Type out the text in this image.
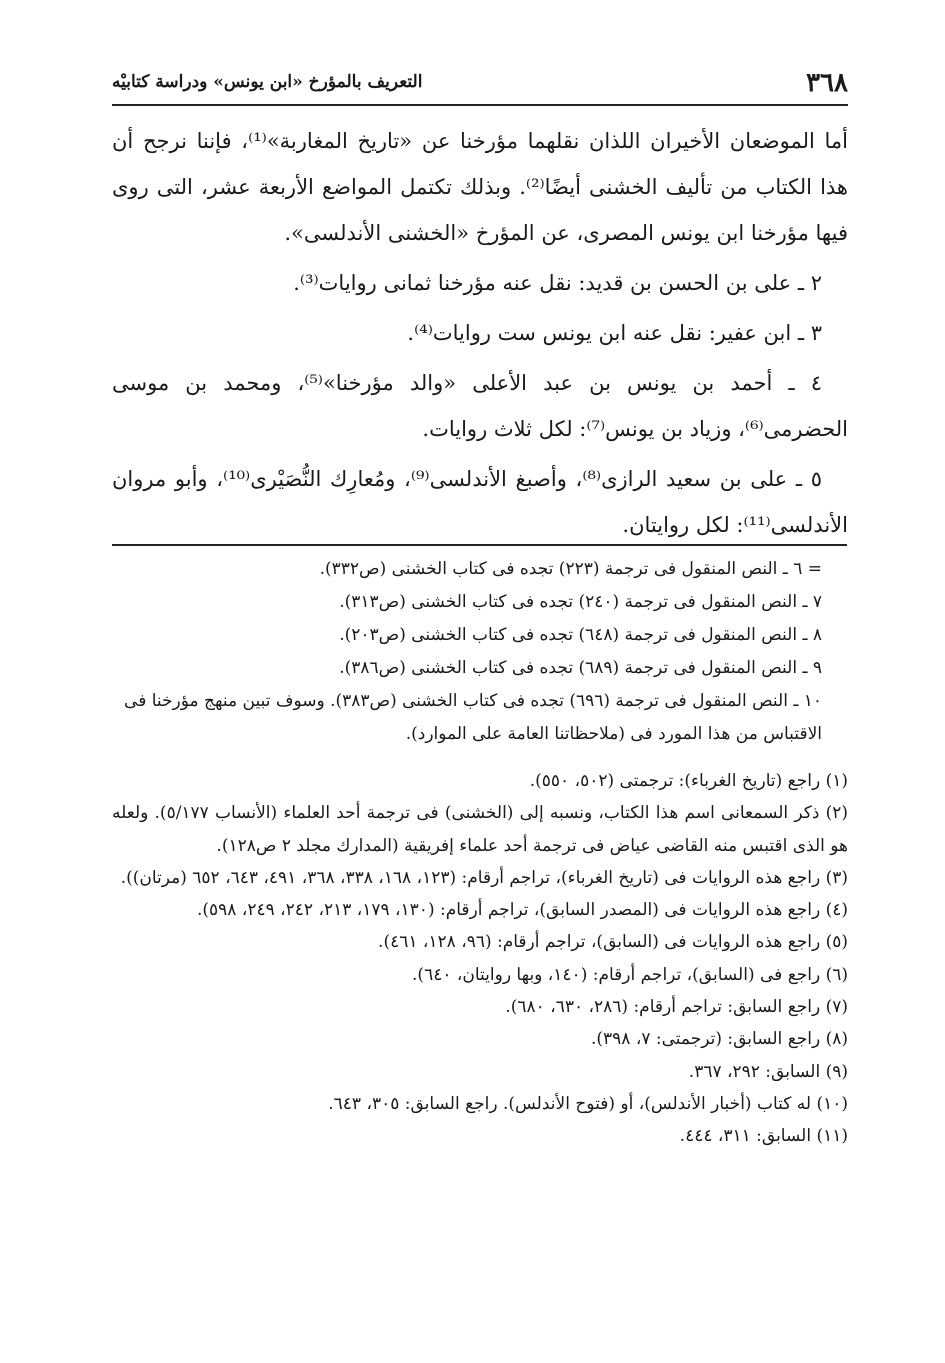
٣٦٨
التعريف بالمؤرخ «ابن يونس» ودراسة كتابيْه

أما الموضعان الأخيران اللذان نقلهما مؤرخنا عن «تاريخ المغاربة»⁽¹⁾، فإننا نرجح أن هذا الكتاب من تأليف الخشنى أيضًا⁽²⁾. وبذلك تكتمل المواضع الأربعة عشر، التى روى فيها مؤرخنا ابن يونس المصرى، عن المؤرخ «الخشنى الأندلسى».

٢ ـ على بن الحسن بن قديد: نقل عنه مؤرخنا ثمانى روايات⁽³⁾.

٣ ـ ابن عفير: نقل عنه ابن يونس ست روايات⁽⁴⁾.

٤ ـ أحمد بن يونس بن عبد الأعلى «والد مؤرخنا»⁽⁵⁾، ومحمد بن موسى الحضرمى⁽⁶⁾، وزياد بن يونس⁽⁷⁾: لكل ثلاث روايات.

٥ ـ على بن سعيد الرازى⁽⁸⁾، وأصبغ الأندلسى⁽⁹⁾، ومُعارِك النُّصَيْرى⁽¹⁰⁾، وأبو مروان الأندلسى⁽¹¹⁾: لكل روايتان.

= ٦ ـ النص المنقول فى ترجمة (٢٢٣) تجده فى كتاب الخشنى (ص٣٣٢).

٧ ـ النص المنقول فى ترجمة (٢٤٠) تجده فى كتاب الخشنى (ص٣١٣).

٨ ـ النص المنقول فى ترجمة (٦٤٨) تجده فى كتاب الخشنى (ص٢٠٣).

٩ ـ النص المنقول فى ترجمة (٦٨٩) تجده فى كتاب الخشنى (ص٣٨٦).

١٠ ـ النص المنقول فى ترجمة (٦٩٦) تجده فى كتاب الخشنى (ص٣٨٣). وسوف تبين منهج مؤرخنا فى الاقتباس من هذا المورد فى (ملاحظاتنا العامة على الموارد).

(١) راجع (تاريخ الغرباء): ترجمتى (٥٠٢، ٥٥٠).

(٢) ذكر السمعانى اسم هذا الكتاب، ونسبه إلى (الخشنى) فى ترجمة أحد العلماء (الأنساب ٥/١٧٧). ولعله هو الذى اقتبس منه القاضى عياض فى ترجمة أحد علماء إفريقية (المدارك مجلد ٢ ص١٢٨).

(٣) راجع هذه الروايات فى (تاريخ الغرباء)، تراجم أرقام: (١٢٣، ١٦٨، ٣٣٨، ٣٦٨، ٤٩١، ٦٤٣، ٦٥٢ (مرتان)).

(٤) راجع هذه الروايات فى (المصدر السابق)، تراجم أرقام: (١٣٠، ١٧٩، ٢١٣، ٢٤٢، ٢٤٩، ٥٩٨).

(٥) راجع هذه الروايات فى (السابق)، تراجم أرقام: (٩٦، ١٢٨، ٤٦١).

(٦) راجع فى (السابق)، تراجم أرقام: (١٤٠، وبها روايتان، ٦٤٠).

(٧) راجع السابق: تراجم أرقام: (٢٨٦، ٦٣٠، ٦٨٠).

(٨) راجع السابق: (ترجمتى: ٧، ٣٩٨).

(٩) السابق: ٢٩٢، ٣٦٧.

(١٠) له كتاب (أخبار الأندلس)، أو (فتوح الأندلس). راجع السابق: ٣٠٥، ٦٤٣.

(١١) السابق: ٣١١، ٤٤٤.
